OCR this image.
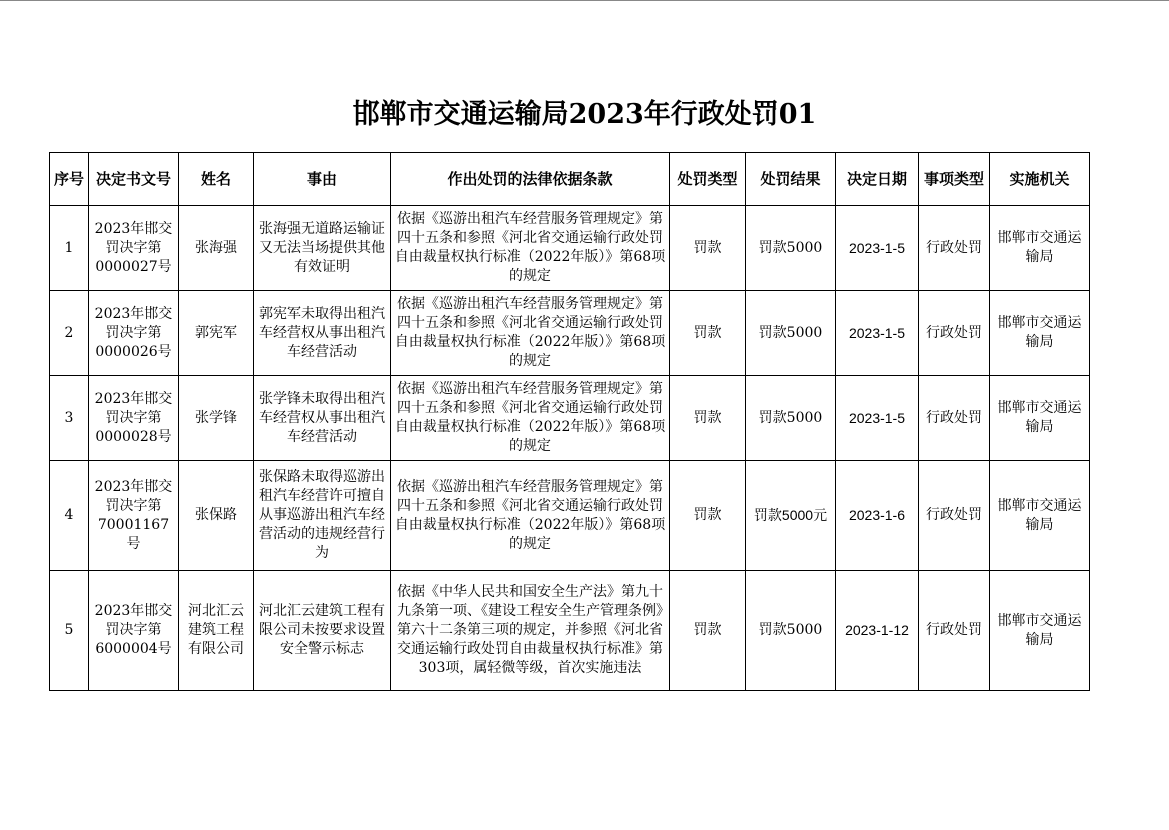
邯郸市交通运输局2023年行政处罚01
序号	决定书文号	姓名	事由	作出处罚的法律依据条款	处罚类型	处罚结果	决定日期	事项类型	实施机关
1	2023年邯交罚决字第0000027号	张海强	张海强无道路运输证又无法当场提供其他有效证明	依据《巡游出租汽车经营服务管理规定》第四十五条和参照《河北省交通运输行政处罚自由裁量权执行标准（2022年版）》第68项的规定	罚款	罚款5000	2023-1-5	行政处罚	邯郸市交通运输局
2	2023年邯交罚决字第0000026号	郭宪军	郭宪军未取得出租汽车经营权从事出租汽车经营活动	依据《巡游出租汽车经营服务管理规定》第四十五条和参照《河北省交通运输行政处罚自由裁量权执行标准（2022年版）》第68项的规定	罚款	罚款5000	2023-1-5	行政处罚	邯郸市交通运输局
3	2023年邯交罚决字第0000028号	张学锋	张学锋未取得出租汽车经营权从事出租汽车经营活动	依据《巡游出租汽车经营服务管理规定》第四十五条和参照《河北省交通运输行政处罚自由裁量权执行标准（2022年版）》第68项的规定	罚款	罚款5000	2023-1-5	行政处罚	邯郸市交通运输局
4	2023年邯交罚决字第70001167号	张保路	张保路未取得巡游出租汽车经营许可擅自从事巡游出租汽车经营活动的违规经营行为	依据《巡游出租汽车经营服务管理规定》第四十五条和参照《河北省交通运输行政处罚自由裁量权执行标准（2022年版）》第68项的规定	罚款	罚款5000元	2023-1-6	行政处罚	邯郸市交通运输局
5	2023年邯交罚决字第6000004号	河北汇云建筑工程有限公司	河北汇云建筑工程有限公司未按要求设置安全警示标志	依据《中华人民共和国安全生产法》第九十九条第一项、《建设工程安全生产管理条例》第六十二条第三项的规定，并参照《河北省交通运输行政处罚自由裁量权执行标准》第303项，属轻微等级，首次实施违法	罚款	罚款5000	2023-1-12	行政处罚	邯郸市交通运输局
